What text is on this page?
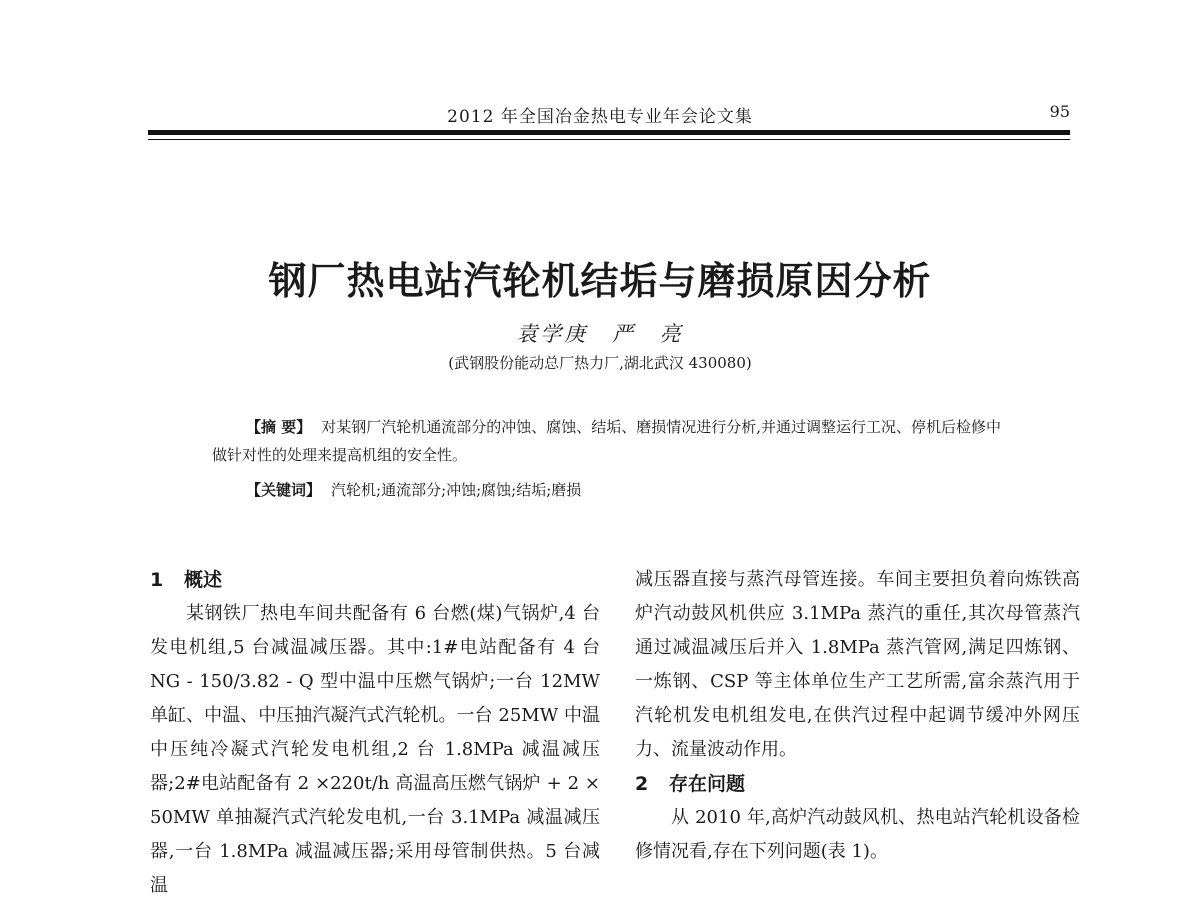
2012 年全国冶金热电专业年会论文集	95
钢厂热电站汽轮机结垢与磨损原因分析
袁学庚 严 亮
(武钢股份能动总厂热力厂,湖北武汉 430080)

【摘 要】 对某钢厂汽轮机通流部分的冲蚀、腐蚀、结垢、磨损情况进行分析,并通过调整运行工况、停机后检修中做针对性的处理来提高机组的安全性。

【关键词】 汽轮机;通流部分;冲蚀;腐蚀;结垢;磨损
1 概述

某钢铁厂热电车间共配备有 6 台燃(煤)气锅炉,4 台发电机组,5 台减温减压器。其中:1#电站配备有 4 台 NG - 150/3.82 - Q 型中温中压燃气锅炉;一台 12MW 单缸、中温、中压抽汽凝汽式汽轮机。一台 25MW 中温中压纯冷凝式汽轮发电机组,2 台 1.8MPa 减温减压器;2#电站配备有 2 ×220t/h 高温高压燃气锅炉 + 2 × 50MW 单抽凝汽式汽轮发电机,一台 3.1MPa 减温减压器,一台 1.8MPa 减温减压器;采用母管制供热。5 台减温

减压器直接与蒸汽母管连接。车间主要担负着向炼铁高炉汽动鼓风机供应 3.1MPa 蒸汽的重任,其次母管蒸汽通过减温减压后并入 1.8MPa 蒸汽管网,满足四炼钢、一炼钢、CSP 等主体单位生产工艺所需,富余蒸汽用于汽轮机发电机组发电,在供汽过程中起调节缓冲外网压力、流量波动作用。

2 存在问题

从 2010 年,高炉汽动鼓风机、热电站汽轮机设备检修情况看,存在下列问题(表 1)。
